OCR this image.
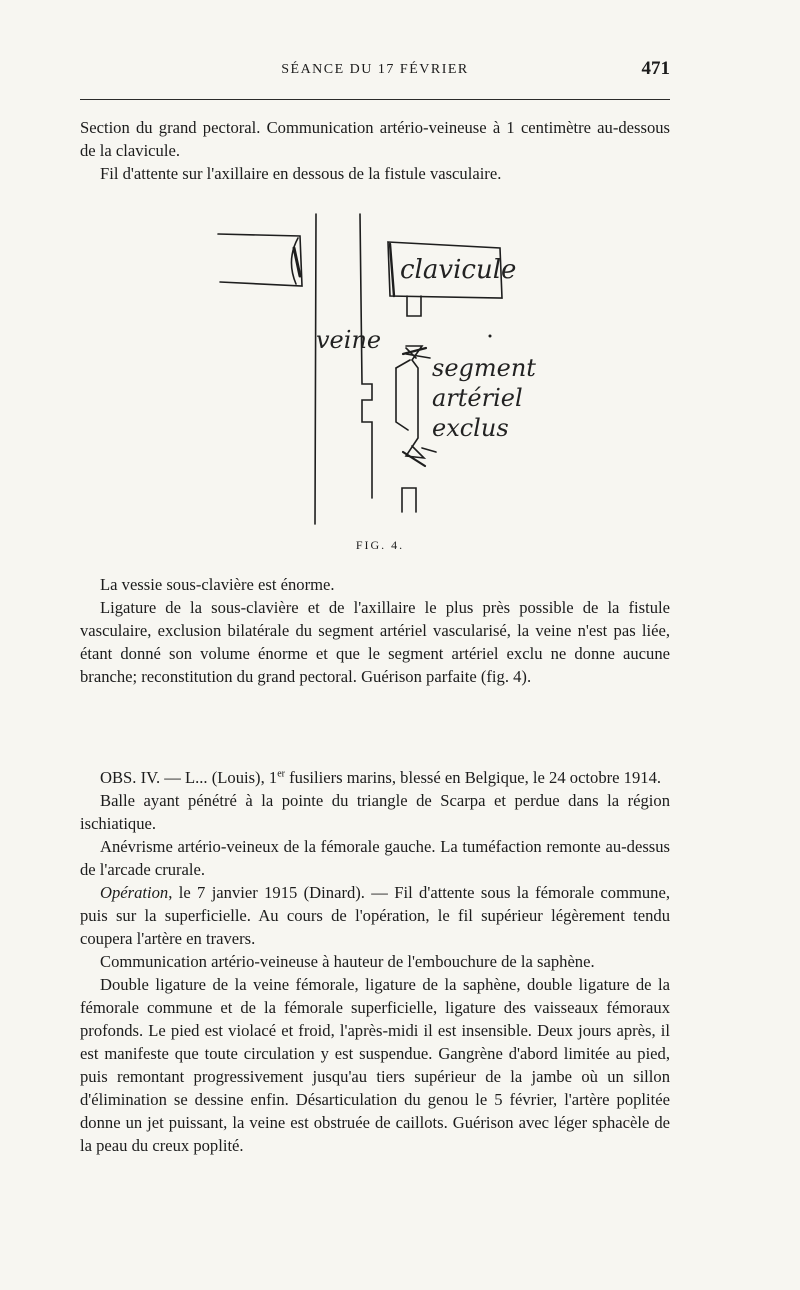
SÉANCE DU 17 FÉVRIER	471

Section du grand pectoral. Communication artério-veineuse à 1 centimètre au-dessous de la clavicule.

Fil d'attente sur l'axillaire en dessous de la fistule vasculaire.

clavicule
veine
segment
artériel
exclus
FIG. 4.

La vessie sous-clavière est énorme.

Ligature de la sous-clavière et de l'axillaire le plus près possible de la fistule vasculaire, exclusion bilatérale du segment artériel vascularisé, la veine n'est pas liée, étant donné son volume énorme et que le segment artériel exclu ne donne aucune branche; reconstitution du grand pectoral. Guérison parfaite (fig. 4).

OBS. IV. — L... (Louis), 1er fusiliers marins, blessé en Belgique, le 24 octobre 1914.

Balle ayant pénétré à la pointe du triangle de Scarpa et perdue dans la région ischiatique.

Anévrisme artério-veineux de la fémorale gauche. La tuméfaction remonte au-dessus de l'arcade crurale.

Opération, le 7 janvier 1915 (Dinard). — Fil d'attente sous la fémorale commune, puis sur la superficielle. Au cours de l'opération, le fil supérieur légèrement tendu coupera l'artère en travers.

Communication artério-veineuse à hauteur de l'embouchure de la saphène.

Double ligature de la veine fémorale, ligature de la saphène, double ligature de la fémorale commune et de la fémorale superficielle, ligature des vaisseaux fémoraux profonds. Le pied est violacé et froid, l'après-midi il est insensible. Deux jours après, il est manifeste que toute circulation y est suspendue. Gangrène d'abord limitée au pied, puis remontant progressivement jusqu'au tiers supérieur de la jambe où un sillon d'élimination se dessine enfin. Désarticulation du genou le 5 février, l'artère poplitée donne un jet puissant, la veine est obstruée de caillots. Guérison avec léger sphacèle de la peau du creux poplité.
